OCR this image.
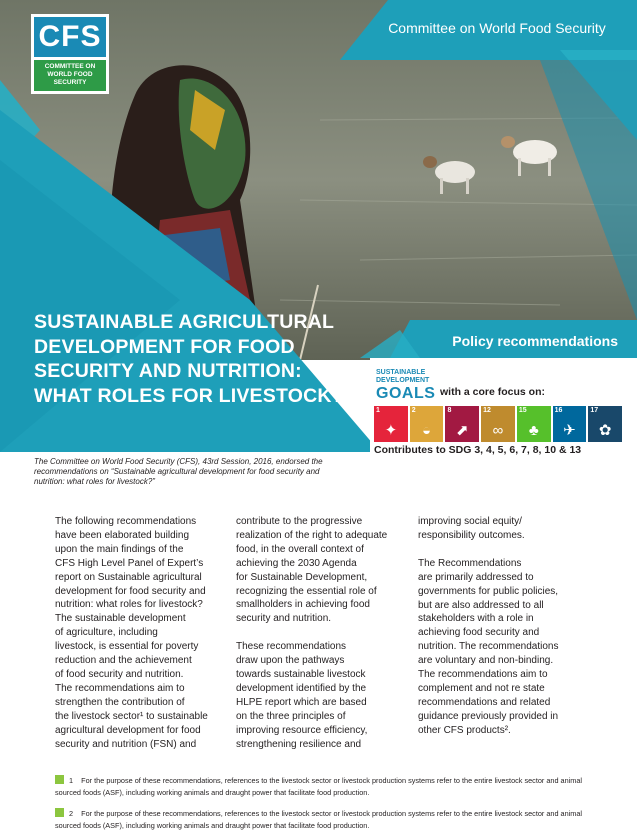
CFS
COMMITTEE ON WORLD FOOD SECURITY
Committee on World Food Security
Policy recommendations
SUSTAINABLE AGRICULTURAL DEVELOPMENT FOR FOOD SECURITY AND NUTRITION: WHAT ROLES FOR LIVESTOCK?
SUSTAINABLE DEVELOPMENT
GOALS with a core focus on:
1
✦
2
◒
8
⬈
12
∞
15
♣
16
✈
17
✿
Contributes to SDG 3, 4, 5, 6, 7, 8, 10 & 13
The Committee on World Food Security (CFS), 43rd Session, 2016, endorsed the recommendations on “Sustainable agricultural development for food security and nutrition: what roles for livestock?”

The following recommendations
have been elaborated building
upon the main findings of the
CFS High Level Panel of Expert’s
report on Sustainable agricultural
development for food security and
nutrition: what roles for livestock?
The sustainable development
of agriculture, including
livestock, is essential for poverty
reduction and the achievement
of food security and nutrition.
The recommendations aim to
strengthen the contribution of
the livestock sector¹ to sustainable
agricultural development for food
security and nutrition (FSN) and

contribute to the progressive
realization of the right to adequate
food, in the overall context of
achieving the 2030 Agenda
for Sustainable Development,
recognizing the essential role of
smallholders in achieving food
security and nutrition.

These recommendations
draw upon the pathways
towards sustainable livestock
development identified by the
HLPE report which are based
on the three principles of
improving resource efficiency,
strengthening resilience and

improving social equity/
responsibility outcomes.

The Recommendations
are primarily addressed to
governments for public policies,
but are also addressed to all
stakeholders with a role in
achieving food security and
nutrition. The recommendations
are voluntary and non-binding.
The recommendations aim to
complement and not re state
recommendations and related
guidance previously provided in
other CFS products².

1 For the purpose of these recommendations, references to the livestock sector or livestock production systems refer to the entire livestock sector and animal sourced foods (ASF), including working animals and draught power that facilitate food production.
2 For the purpose of these recommendations, references to the livestock sector or livestock production systems refer to the entire livestock sector and animal sourced foods (ASF), including working animals and draught power that facilitate food production.
